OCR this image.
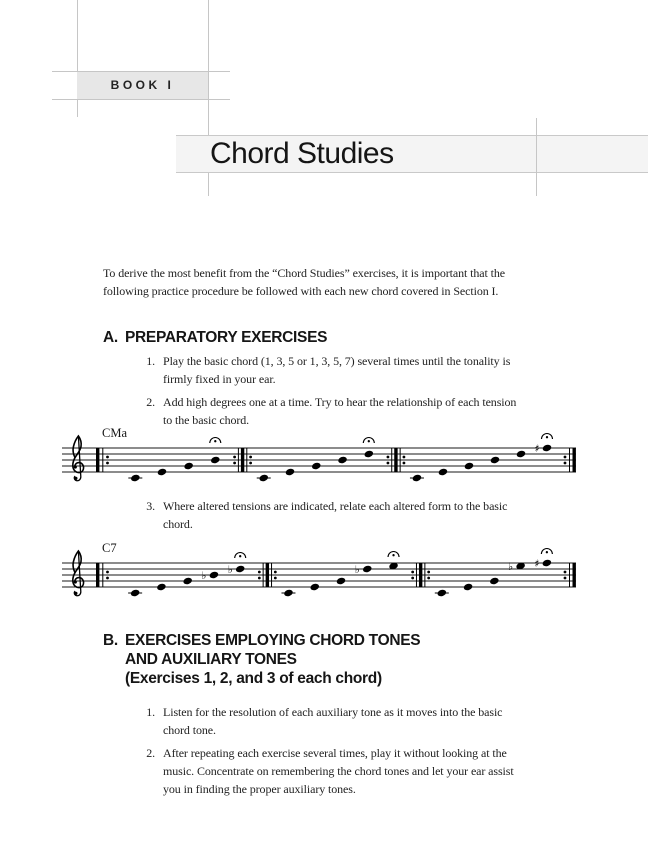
BOOK I
Chord Studies
To derive the most benefit from the “Chord Studies” exercises, it is important that the
following practice procedure be followed with each new chord covered in Section I.
A. PREPARATORY EXERCISES
1. Play the basic chord (1, 3, 5 or 1, 3, 5, 7) several times until the tonality is
firmly fixed in your ear.
2. Add high degrees one at a time. Try to hear the relationship of each tension
to the basic chord.
CMa
♯
3. Where altered tensions are indicated, relate each altered form to the basic
chord.
C7
♭ ♭	♭	♭ ♯
B. EXERCISES EMPLOYING CHORD TONES
AND AUXILIARY TONES
(Exercises 1, 2, and 3 of each chord)
1. Listen for the resolution of each auxiliary tone as it moves into the basic
chord tone.
2. After repeating each exercise several times, play it without looking at the
music. Concentrate on remembering the chord tones and let your ear assist
you in finding the proper auxiliary tones.
